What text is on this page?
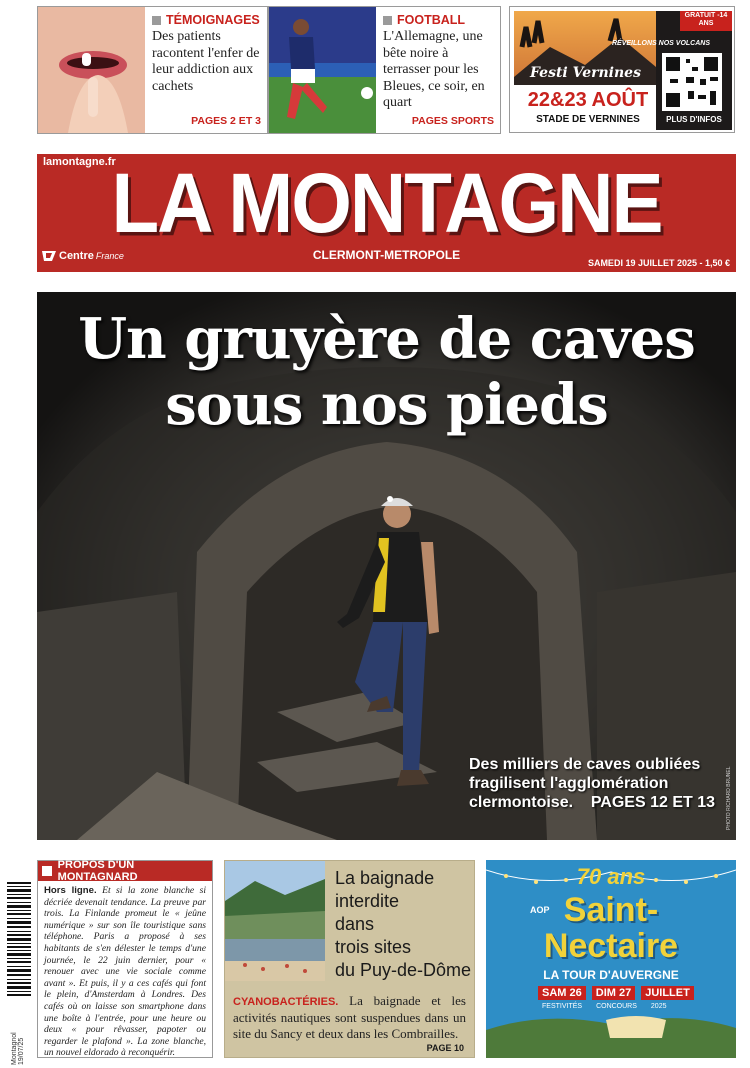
TÉMOIGNAGES
Des patients racontent l'enfer de leur addiction aux cachets
PAGES 2 ET 3
FOOTBALL
L'Allemagne, une bête noire à terrasser pour les Bleues, ce soir, en quart
PAGES SPORTS
GRATUIT -14 ANS
RÉVEILLONS NOS VOLCANS
Festi Vernines
22&23 AOÛT
STADE DE VERNINES	PLUS D'INFOS
lamontagne.fr
LA MONTAGNE
Centre France	CLERMONT-METROPOLE
SAMEDI 19 JUILLET 2025 - 1,50 €
Un gruyère de caves
sous nos pieds
Des milliers de caves oubliées
fragilisent l'agglomération
clermontoise. PAGES 12 ET 13	PHOTO RICHARD BRUNEL
Montagnol 19/07/25
PROPOS D'UN MONTAGNARD
Hors ligne. Et si la zone blanche si décriée devenait tendance. La preuve par trois. La Finlande promeut le « jeûne numérique » sur son île touristique sans téléphone. Paris a proposé à ses habitants de s'en délester le temps d'une journée, le 22 juin dernier, pour « renouer avec une vie sociale comme avant ». Et puis, il y a ces cafés qui font le plein, d'Amsterdam à Londres. Des cafés où on laisse son smartphone dans une boîte à l'entrée, pour une heure ou deux « pour rêvasser, papoter ou regarder le plafond ». La zone blanche, un nouvel eldorado à reconquérir.
La baignade
interdite
dans
trois sites
du Puy-de-Dôme
CYANOBACTÉRIES. La baignade et les activités nautiques sont suspendues dans un site du Sancy et deux dans les Combrailles.
PAGE 10
70 ans
AOP Saint-
Nectaire
LA TOUR D'AUVERGNE
SAM 26	DIM 27	JUILLET
FESTIVITÉS CONCOURS 2025
